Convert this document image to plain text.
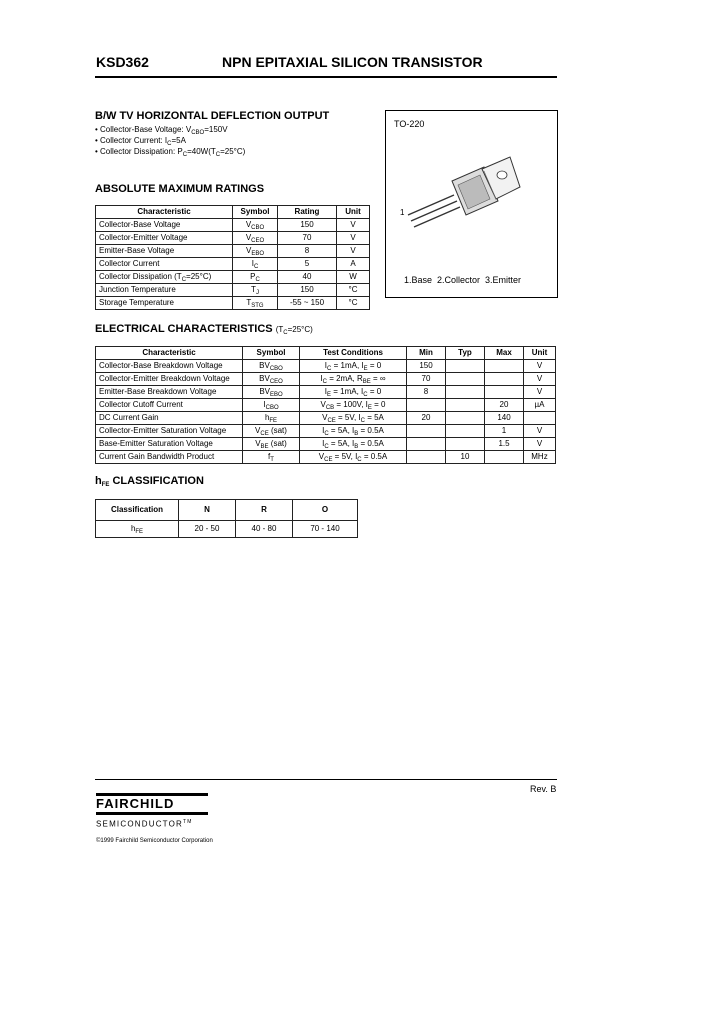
KSD362	NPN EPITAXIAL SILICON TRANSISTOR
B/W TV HORIZONTAL DEFLECTION OUTPUT
• Collector-Base Voltage: $V_{CBO}=150V$
• Collector Current: $I_C=5A$
• Collector Dissipation: $P_C=40W(T_C=25^\circ C)$
TO-220
1
1.Base  2.Collector  3.Emitter
ABSOLUTE MAXIMUM RATINGS
Characteristic	Symbol	Rating	Unit
Collector-Base Voltage	$V_{CBO}$	150	V
Collector-Emitter Voltage	$V_{CEO}$	70	V
Emitter-Base Voltage	$V_{EBO}$	8	V
Collector Current	$I_C$	5	A
Collector Dissipation $(T_C=25^\circ C)$	$P_C$	40	W
Junction Temperature	$T_J$	150	°C
Storage Temperature	$T_{STG}$	-55 ~ 150	°C
ELECTRICAL CHARACTERISTICS $(T_C=25^\circ C)$
Characteristic	Symbol	Test Conditions	Min	Typ	Max	Unit
Collector-Base Breakdown Voltage	$BV_{CBO}$	$I_C = 1mA$, $I_E = 0$	150			V
Collector-Emitter Breakdown Voltage	$BV_{CEO}$	$I_C = 2mA$, $R_{BE}$ = ∞	70			V
Emitter-Base Breakdown Voltage	$BV_{EBO}$	$I_E = 1mA$, $I_C = 0$	8			V
Collector Cutoff Current	$I_{CBO}$	$V_{CB} = 100V$, $I_E = 0$			20	µA
DC Current Gain	$h_{FE}$	$V_{CE} = 5V$, $I_C = 5A$	20		140	
Collector-Emitter Saturation Voltage	$V_{CE}$ (sat)	$I_C = 5A$, $I_B = 0.5A$			1	V
Base-Emitter Saturation Voltage	$V_{BE}$ (sat)	$I_C = 5A$, $I_B = 0.5A$			1.5	V
Current Gain Bandwidth Product	$f_T$	$V_{CE} = 5V$, $I_C = 0.5A$		10		MHz
$h_{FE}$ CLASSIFICATION
Classification	N	R	O
$h_{FE}$	20 - 50	40 - 80	70 - 140
Rev. B
FAIRCHILD
SEMICONDUCTOR™
©1999 Fairchild Semiconductor Corporation
